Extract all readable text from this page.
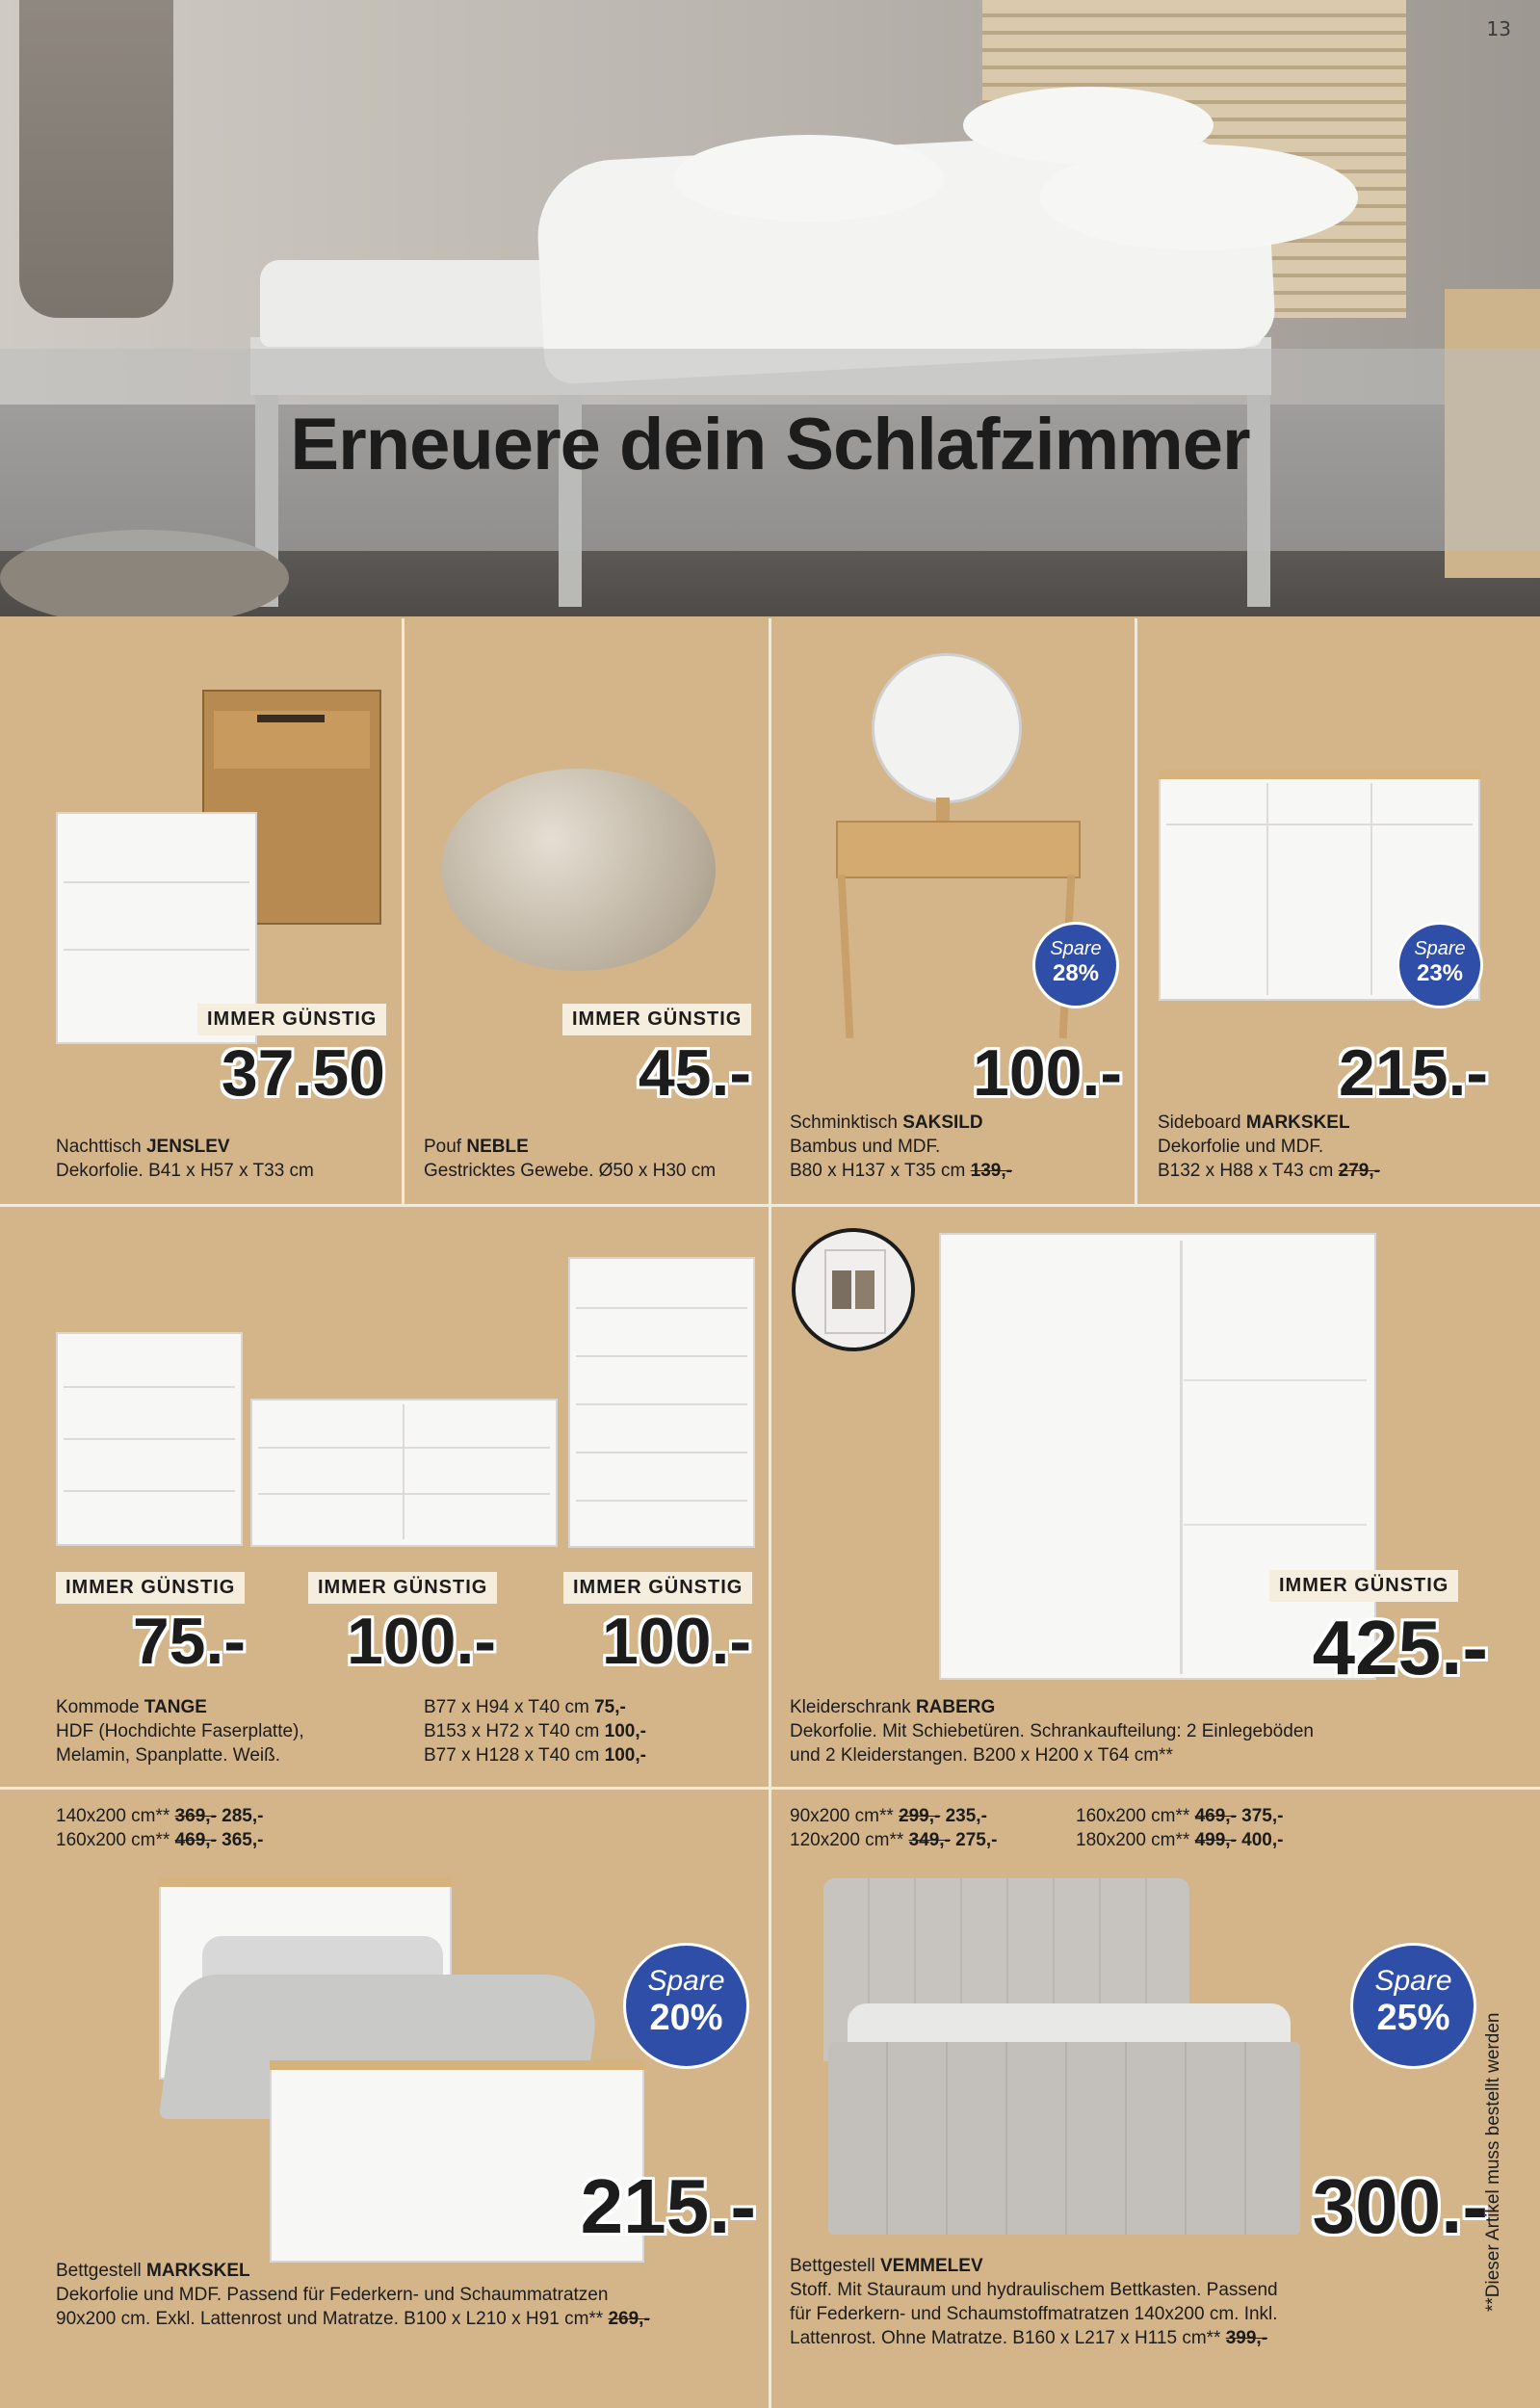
13
Erneuere dein Schlafzimmer
IMMER GÜNSTIG
37.50
Nachttisch JENSLEV
Dekorfolie. B41 x H57 x T33 cm
IMMER GÜNSTIG
45.-
Pouf NEBLE
Gestricktes Gewebe. Ø50 x H30 cm
Spare
28%
100.-
Schminktisch SAKSILD
Bambus und MDF.
B80 x H137 x T35 cm 139,-
Spare
23%
215.-
Sideboard MARKSKEL
Dekorfolie und MDF.
B132 x H88 x T43 cm 279,-
IMMER GÜNSTIG	IMMER GÜNSTIG	IMMER GÜNSTIG
75.-	100.-	100.-
Kommode TANGE
HDF (Hochdichte Faserplatte),
Melamin, Spanplatte. Weiß.
B77 x H94 x T40 cm 75,-
B153 x H72 x T40 cm 100,-
B77 x H128 x T40 cm 100,-
IMMER GÜNSTIG
425.-
Kleiderschrank RABERG
Dekorfolie. Mit Schiebetüren. Schrankaufteilung: 2 Einlegeböden
und 2 Kleiderstangen. B200 x H200 x T64 cm**
140x200 cm** 369,- 285,-
160x200 cm** 469,- 365,-
Spare
20%
215.-
Bettgestell MARKSKEL
Dekorfolie und MDF. Passend für Federkern- und Schaummatratzen
90x200 cm. Exkl. Lattenrost und Matratze. B100 x L210 x H91 cm** 269,-
90x200 cm** 299,- 235,-
120x200 cm** 349,- 275,-
160x200 cm** 469,- 375,-
180x200 cm** 499,- 400,-
Spare
25%
300.-
Bettgestell VEMMELEV
Stoff. Mit Stauraum und hydraulischem Bettkasten. Passend
für Federkern- und Schaumstoffmatratzen 140x200 cm. Inkl.
Lattenrost. Ohne Matratze. B160 x L217 x H115 cm** 399,-
**Dieser Artikel muss bestellt werden
